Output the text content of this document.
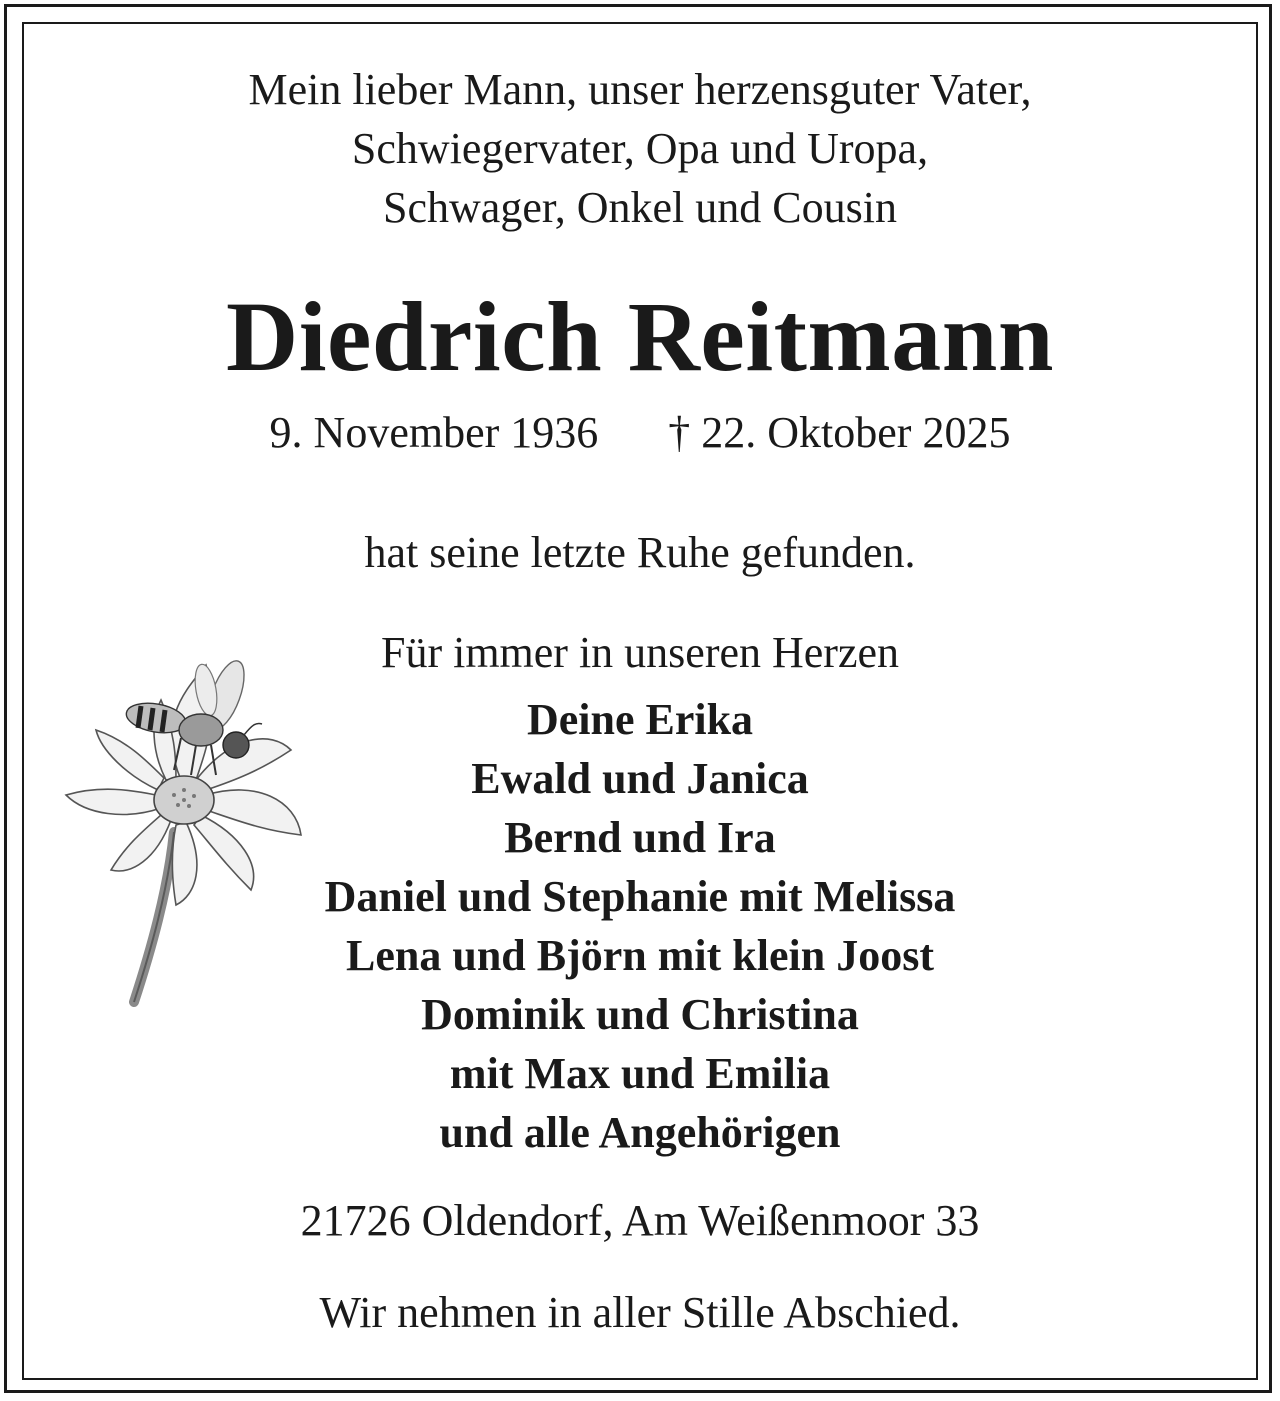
Mein lieber Mann, unser herzensguter Vater,
Schwiegervater, Opa und Uropa,
Schwager, Onkel und Cousin
Diedrich Reitmann
9. November 1936 † 22. Oktober 2025
hat seine letzte Ruhe gefunden.
Für immer in unseren Herzen
Deine Erika
Ewald und Janica
Bernd und Ira
Daniel und Stephanie mit Melissa
Lena und Björn mit klein Joost
Dominik und Christina
mit Max und Emilia
und alle Angehörigen
21726 Oldendorf, Am Weißenmoor 33
Wir nehmen in aller Stille Abschied.
